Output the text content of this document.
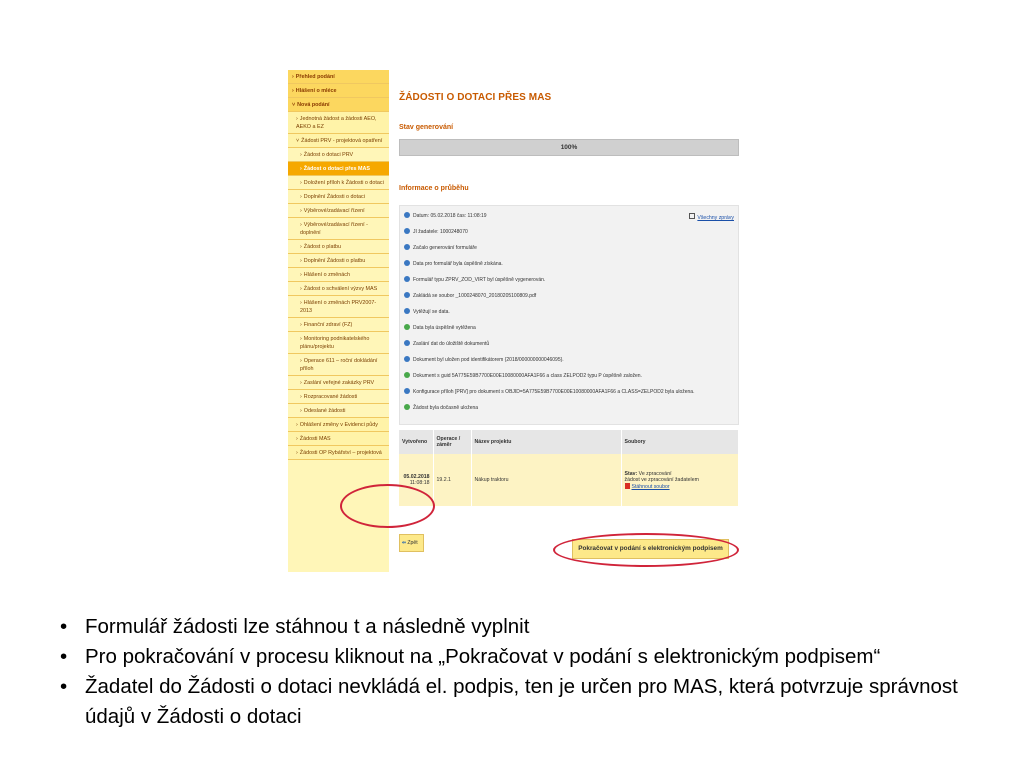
› Přehled podání
› Hlášení o mléce
˅ Nová podání
› Jednotná žádost a žádosti AEO, AEKO a EZ
˅ Žádosti PRV - projektová opatření
› Žádost o dotaci PRV
› Žádost o dotaci přes MAS
› Doložení příloh k Žádosti o dotaci
› Doplnění Žádosti o dotaci
› Výběrové/zadávací řízení
› Výběrové/zadávací řízení - doplnění
› Žádost o platbu
› Doplnění Žádosti o platbu
› Hlášení o změnách
› Žádost o schválení výzvy MAS
› Hlášení o změnách PRV2007-2013
› Finanční zdraví (FZ)
› Monitoring podnikatelského plánu/projektu
› Operace 611 – roční dokládání příloh
› Zaslání veřejné zakázky PRV
› Rozpracované žádosti
› Odeslané žádosti
› Ohlášení změny v Evidenci půdy
› Žádosti MAS
› Žádosti OP Rybářství – projektová
ŽÁDOSTI O DOTACI PŘES MAS
Stav generování
100%
Informace o průběhu
Všechny zprávy
Datum: 05.02.2018 čas: 11:08:19
JI žadatele: 1000248070
Začalo generování formuláře
Data pro formulář byla úspěšně získána.
Formulář typu ZPRV_ZOD_VIRT byl úspěšně vygenerován.
Zakládá se soubor _1000248070_20180205100809.pdf
Vytěžují se data.
Data byla úspěšně vytěžena
Zaslání dat do úložiště dokumentů
Dokument byl uložen pod identifikátorem {2018/000000000046095}.
Dokument s guid 5A775E59B7700E00E10080000AFA1F66 a class ZELPOD2 typu P úspěšně založen.
Konfigurace příloh [PRV] pro dokument s OBJID=5A775E59B7700E00E10080000AFA1F66 a CLASS=ZELPOD2 byla uložena.
Žádost byla dočasně uložena
Vytvořeno	Operace / záměr	Název projektu	Soubory
05.02.2018
11:08:18	19.2.1	Nákup traktoru	Stav: Ve zpracování
žádost ve zpracování žadatelem
Stáhnout soubor
⇐Zpět
Pokračovat v podání s elektronickým podpisem
• Formulář žádosti lze stáhnou t a následně vyplnit
• Pro pokračování v procesu kliknout na „Pokračovat v podání s elektronickým podpisem“
• Žadatel do Žádosti o dotaci nevkládá el. podpis, ten je určen pro MAS, která potvrzuje správnost údajů v Žádosti o dotaci
